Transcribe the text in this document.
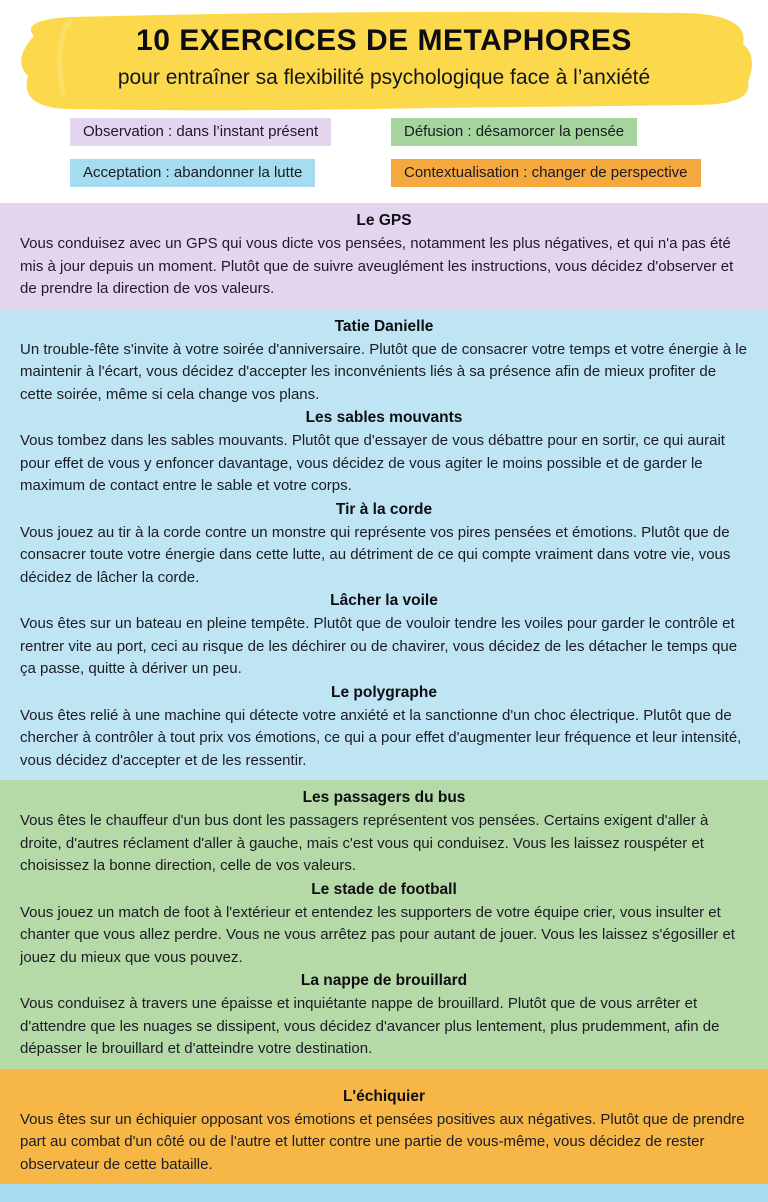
10 EXERCICES DE METAPHORES
pour entraîner sa flexibilité psychologique face à l’anxiété
Observation : dans l’instant présent	Défusion : désamorcer la pensée
Acceptation : abandonner la lutte	Contextualisation : changer de perspective
Le GPS

Vous conduisez avec un GPS qui vous dicte vos pensées, notamment les plus négatives, et qui n'a pas été mis à jour depuis un moment. Plutôt que de suivre aveuglément les instructions, vous décidez d'observer et de prendre la direction de vos valeurs.

Tatie Danielle

Un trouble-fête s'invite à votre soirée d'anniversaire. Plutôt que de consacrer votre temps et votre énergie à le maintenir à l'écart, vous décidez d'accepter les inconvénients liés à sa présence afin de mieux profiter de cette soirée, même si cela change vos plans.

Les sables mouvants

Vous tombez dans les sables mouvants. Plutôt que d'essayer de vous débattre pour en sortir, ce qui aurait pour effet de vous y enfoncer davantage, vous décidez de vous agiter le moins possible et de garder le maximum de contact entre le sable et votre corps.

Tir à la corde

Vous jouez au tir à la corde contre un monstre qui représente vos pires pensées et émotions. Plutôt que de consacrer toute votre énergie dans cette lutte, au détriment de ce qui compte vraiment dans votre vie, vous décidez de lâcher la corde.

Lâcher la voile

Vous êtes sur un bateau en pleine tempête. Plutôt que de vouloir tendre les voiles pour garder le contrôle et rentrer vite au port, ceci au risque de les déchirer ou de chavirer, vous décidez de les détacher le temps que ça passe, quitte à dériver un peu.

Le polygraphe

Vous êtes relié à une machine qui détecte votre anxiété et la sanctionne d'un choc électrique. Plutôt que de chercher à contrôler à tout prix vos émotions, ce qui a pour effet d'augmenter leur fréquence et leur intensité, vous décidez d'accepter et de les ressentir.

Les passagers du bus

Vous êtes le chauffeur d'un bus dont les passagers représentent vos pensées. Certains exigent d'aller à droite, d'autres réclament d'aller à gauche, mais c'est vous qui conduisez. Vous les laissez rouspéter et choisissez la bonne direction, celle de vos valeurs.

Le stade de football

Vous jouez un match de foot à l'extérieur et entendez les supporters de votre équipe crier, vous insulter et chanter que vous allez perdre. Vous ne vous arrêtez pas pour autant de jouer. Vous les laissez s'égosiller et jouez du mieux que vous pouvez.

La nappe de brouillard

Vous conduisez à travers une épaisse et inquiétante nappe de brouillard. Plutôt que de vous arrêter et d'attendre que les nuages se dissipent, vous décidez d'avancer plus lentement, plus prudemment, afin de dépasser le brouillard et d'atteindre votre destination.

L'échiquier

Vous êtes sur un échiquier opposant vos émotions et pensées positives aux négatives. Plutôt que de prendre part au combat d'un côté ou de l'autre et lutter contre une partie de vous-même, vous décidez de rester observateur de cette bataille.
